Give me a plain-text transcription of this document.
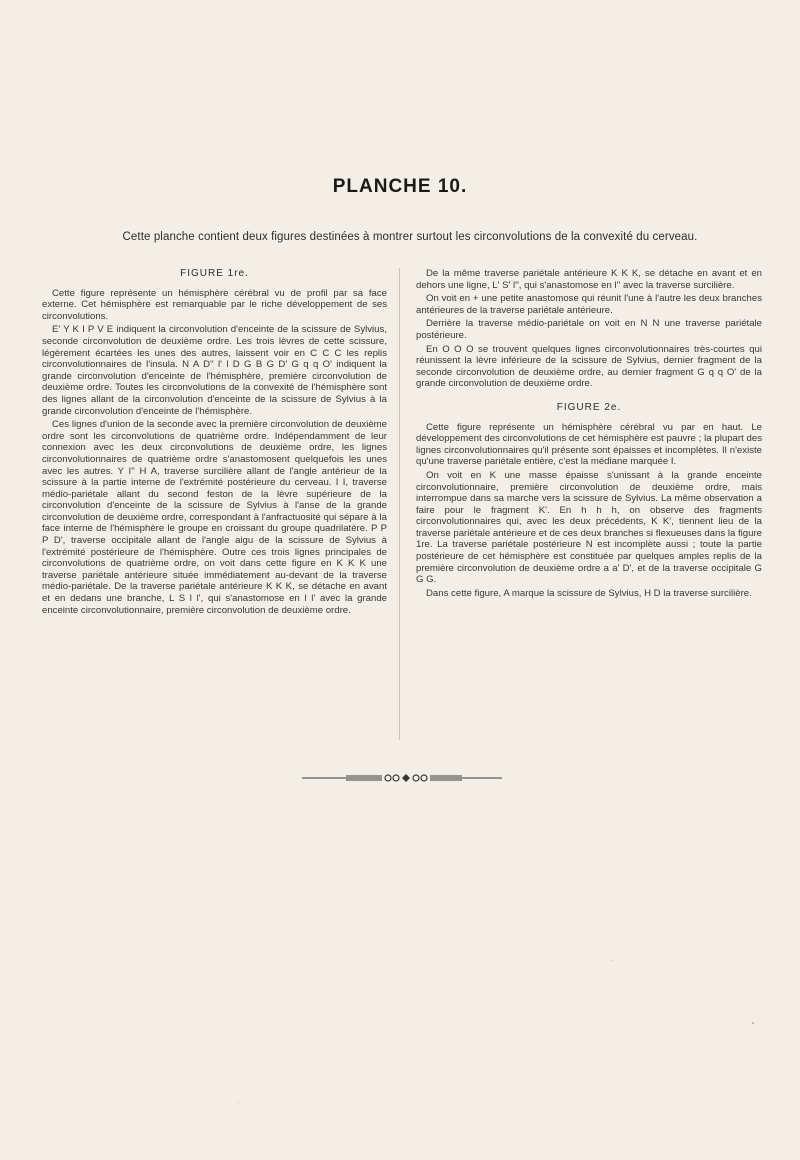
PLANCHE 10.
Cette planche contient deux figures destinées à montrer surtout les circonvolutions de la convexité du cerveau.
FIGURE 1re.

Cette figure représente un hémisphère cérébral vu de profil par sa face externe. Cet hémisphère est remarquable par le riche développement de ses circonvolutions.

E' Y K I P V E indiquent la circonvolution d'enceinte de la scissure de Sylvius, seconde circonvolution de deuxième ordre. Les trois lèvres de cette scissure, légèrement écartées les unes des autres, laissent voir en C C C les replis circonvolutionnaires de l'insula. N A D'' l' l D G B G D' G q q O' indiquent la grande circonvolution d'enceinte de l'hémisphère, première circonvolution de deuxième ordre. Toutes les circonvolutions de la convexité de l'hémisphère sont des lignes allant de la circonvolution d'enceinte de la scissure de Sylvius à la grande circonvolution d'enceinte de l'hémisphère.

Ces lignes d'union de la seconde avec la première circonvolution de deuxième ordre sont les circonvolutions de quatrième ordre. Indépendamment de leur connexion avec les deux circonvolutions de deuxième ordre, les lignes circonvolutionnaires de quatrième ordre s'anastomosent quelquefois les unes avec les autres. Y I'' H A, traverse surcilière allant de l'angle antérieur de la scissure à la partie interne de l'extrémité postérieure du cerveau. I I, traverse médio-pariétale allant du second feston de la lèvre supérieure de la circonvolution d'enceinte de la scissure de Sylvius à l'anse de la grande circonvolution de deuxième ordre, correspondant à l'anfractuosité qui sépare à la face interne de l'hémisphère le groupe en croissant du groupe quadrilatère. P P P D', traverse occipitale allant de l'angle aigu de la scissure de Sylvius à l'extrémité postérieure de l'hémisphère. Outre ces trois lignes principales de circonvolutions de quatrième ordre, on voit dans cette figure en K K K une traverse pariétale antérieure située immédiatement au-devant de la traverse médio-pariétale. De la traverse pariétale antérieure K K K, se détache en avant et en dedans une branche, L S l l', qui s'anastomose en l l' avec la grande enceinte circonvolutionnaire, première circonvolution de deuxième ordre.

De la même traverse pariétale antérieure K K K, se détache en avant et en dehors une ligne, L' S' l'', qui s'anastomose en l'' avec la traverse surcilière.

On voit en + une petite anastomose qui réunit l'une à l'autre les deux branches antérieures de la traverse pariétale antérieure.

Derrière la traverse médio-pariétale on voit en N N une traverse pariétale postérieure.

En O O O se trouvent quelques lignes circonvolutionnaires très-courtes qui réunissent la lèvre inférieure de la scissure de Sylvius, dernier fragment de la seconde circonvolution de deuxième ordre, au dernier fragment G q q O' de la grande circonvolution de deuxième ordre.

FIGURE 2e.

Cette figure représente un hémisphère cérébral vu par en haut. Le développement des circonvolutions de cet hémisphère est pauvre ; la plupart des lignes circonvolutionnaires qu'il présente sont épaisses et incomplètes. Il n'existe qu'une traverse pariétale entière, c'est la médiane marquée I.

On voit en K une masse épaisse s'unissant à la grande enceinte circonvolutionnaire, première circonvolution de deuxième ordre, mais interrompue dans sa marche vers la scissure de Sylvius. La même observation a faire pour le fragment K'. En h h h, on observe des fragments circonvolutionnaires qui, avec les deux précédents, K K', tiennent lieu de la traverse pariétale antérieure et de ces deux branches si flexueuses dans la figure 1re. La traverse pariétale postérieure N est incomplète aussi ; toute la partie postérieure de cet hémisphère est constituée par quelques amples replis de la première circonvolution de deuxième ordre a a' D', et de la traverse occipitale G G G.

Dans cette figure, A marque la scissure de Sylvius, H D la traverse surcilière.
